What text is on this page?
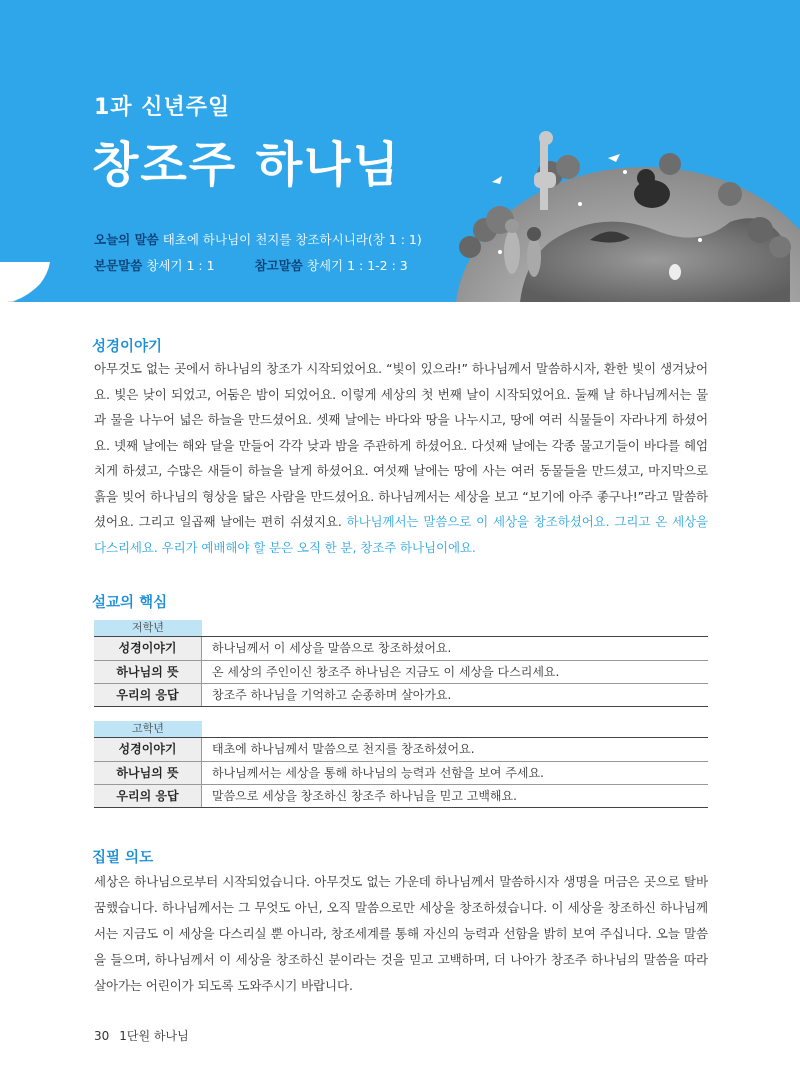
1과 신년주일
창조주 하나님
오늘의 말씀 태초에 하나님이 천지를 창조하시니라(창 1 : 1)
본문말씀 창세기 1 : 1	참고말씀 창세기 1 : 1-2 : 3
성경이야기
아무것도 없는 곳에서 하나님의 창조가 시작되었어요. “빛이 있으라!” 하나님께서 말씀하시자, 환한 빛이 생겨났어요. 빛은 낮이 되었고, 어둠은 밤이 되었어요. 이렇게 세상의 첫 번째 날이 시작되었어요. 둘째 날 하나님께서는 물과 물을 나누어 넓은 하늘을 만드셨어요. 셋째 날에는 바다와 땅을 나누시고, 땅에 여러 식물들이 자라나게 하셨어요. 넷째 날에는 해와 달을 만들어 각각 낮과 밤을 주관하게 하셨어요. 다섯째 날에는 각종 물고기들이 바다를 헤엄치게 하셨고, 수많은 새들이 하늘을 날게 하셨어요. 여섯째 날에는 땅에 사는 여러 동물들을 만드셨고, 마지막으로 흙을 빚어 하나님의 형상을 닮은 사람을 만드셨어요. 하나님께서는 세상을 보고 “보기에 아주 좋구나!”라고 말씀하셨어요. 그리고 일곱째 날에는 편히 쉬셨지요. 하나님께서는 말씀으로 이 세상을 창조하셨어요. 그리고 온 세상을 다스리세요. 우리가 예배해야 할 분은 오직 한 분, 창조주 하나님이에요.
설교의 핵심
저학년
성경이야기	하나님께서 이 세상을 말씀으로 창조하셨어요.
하나님의 뜻	온 세상의 주인이신 창조주 하나님은 지금도 이 세상을 다스리세요.
우리의 응답	창조주 하나님을 기억하고 순종하며 살아가요.
고학년
성경이야기	태초에 하나님께서 말씀으로 천지를 창조하셨어요.
하나님의 뜻	하나님께서는 세상을 통해 하나님의 능력과 선함을 보여 주세요.
우리의 응답	말씀으로 세상을 창조하신 창조주 하나님을 믿고 고백해요.
집필 의도
세상은 하나님으로부터 시작되었습니다. 아무것도 없는 가운데 하나님께서 말씀하시자 생명을 머금은 곳으로 탈바꿈했습니다. 하나님께서는 그 무엇도 아닌, 오직 말씀으로만 세상을 창조하셨습니다. 이 세상을 창조하신 하나님께서는 지금도 이 세상을 다스리실 뿐 아니라, 창조세계를 통해 자신의 능력과 선함을 밝히 보여 주십니다. 오늘 말씀을 들으며, 하나님께서 이 세상을 창조하신 분이라는 것을 믿고 고백하며, 더 나아가 창조주 하나님의 말씀을 따라 살아가는 어린이가 되도록 도와주시기 바랍니다.
30 1단원 하나님
